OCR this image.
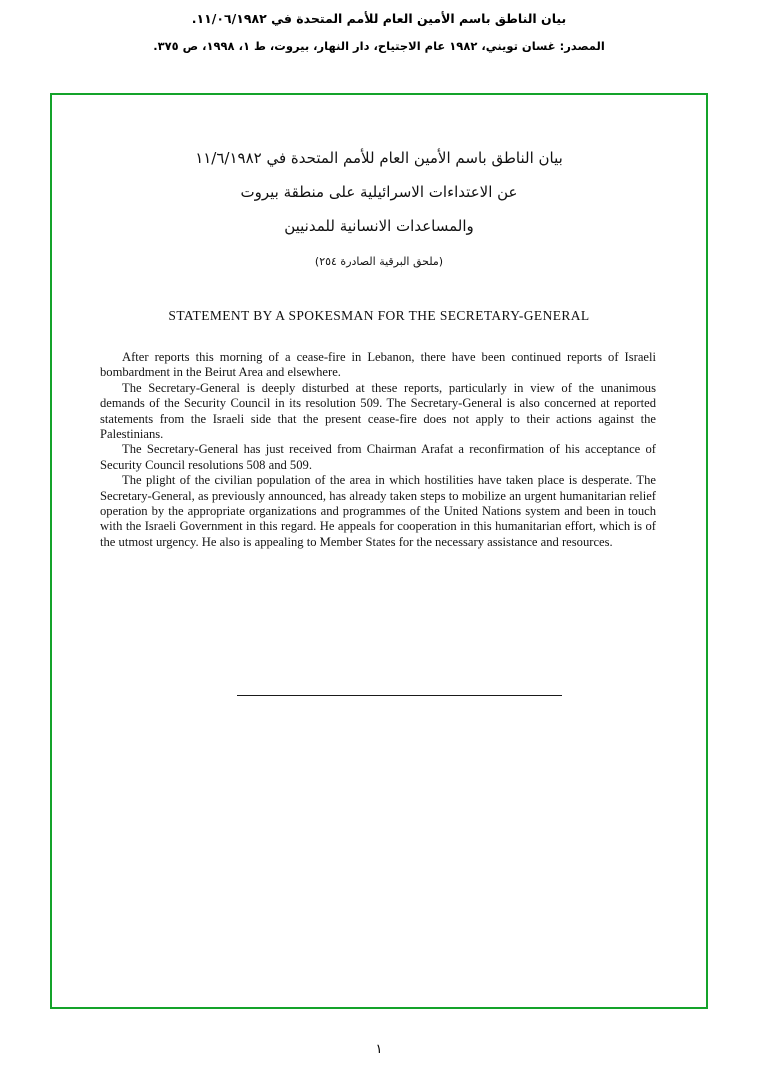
بيان الناطق باسم الأمين العام للأمم المتحدة في ١١/٠٦/١٩٨٢.
المصدر: غسان تويني، ١٩٨٢ عام الاجتياح، دار النهار، بيروت، ط ١، ١٩٩٨، ص ٣٧٥.
بيان الناطق باسم الأمين العام للأمم المتحدة في ١١/٦/١٩٨٢
عن الاعتداءات الاسرائيلية على منطقة بيروت
والمساعدات الانسانية للمدنيين
(ملحق البرقية الصادرة ٢٥٤)
STATEMENT BY A SPOKESMAN FOR THE SECRETARY-GENERAL

After reports this morning of a cease-fire in Lebanon, there have been continued reports of Israeli bombardment in the Beirut Area and elsewhere.

The Secretary-General is deeply disturbed at these reports, particularly in view of the unanimous demands of the Security Council in its resolution 509. The Secretary-General is also concerned at reported statements from the Israeli side that the present cease-fire does not apply to their actions against the Palestinians.

The Secretary-General has just received from Chairman Arafat a reconfirmation of his acceptance of Security Council resolutions 508 and 509.

The plight of the civilian population of the area in which hostilities have taken place is desperate. The Secretary-General, as previously announced, has already taken steps to mobilize an urgent humanitarian relief operation by the appropriate organizations and programmes of the United Nations system and been in touch with the Israeli Government in this regard. He appeals for cooperation in this humanitarian effort, which is of the utmost urgency. He also is appealing to Member States for the necessary assistance and resources.

١
